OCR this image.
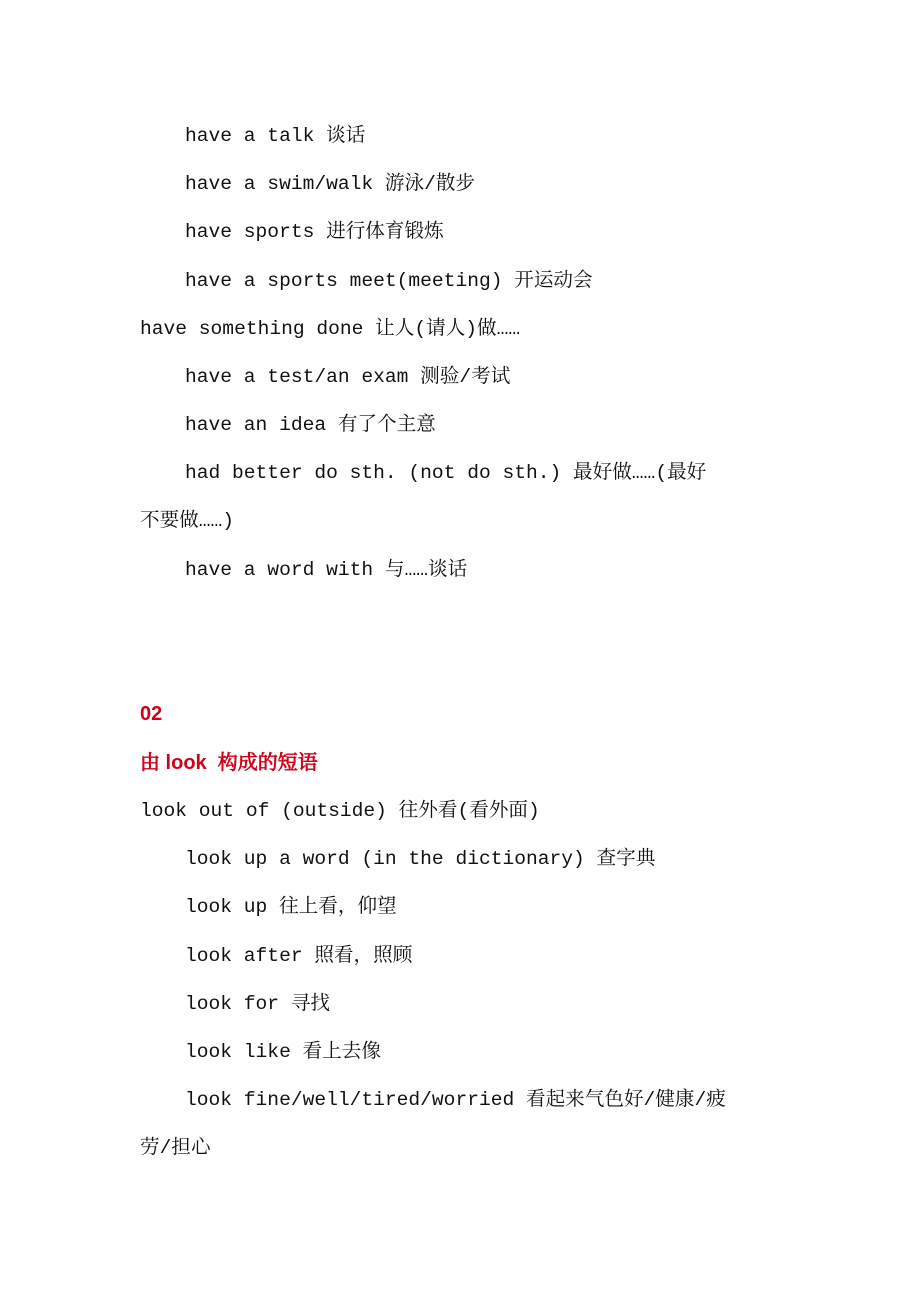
have a talk 谈话
have a swim/walk 游泳/散步
have sports 进行体育锻炼
have a sports meet(meeting) 开运动会
have something done 让人(请人)做……
have a test/an exam 测验/考试
have an idea 有了个主意
had better do sth. (not do sth.) 最好做……(最好
不要做……)
have a word with 与……谈话
02
由 look  构成的短语
look out of (outside) 往外看(看外面)
look up a word (in the dictionary) 查字典
look up 往上看，仰望
look after 照看，照顾
look for 寻找
look like 看上去像
look fine/well/tired/worried 看起来气色好/健康/疲
劳/担心
